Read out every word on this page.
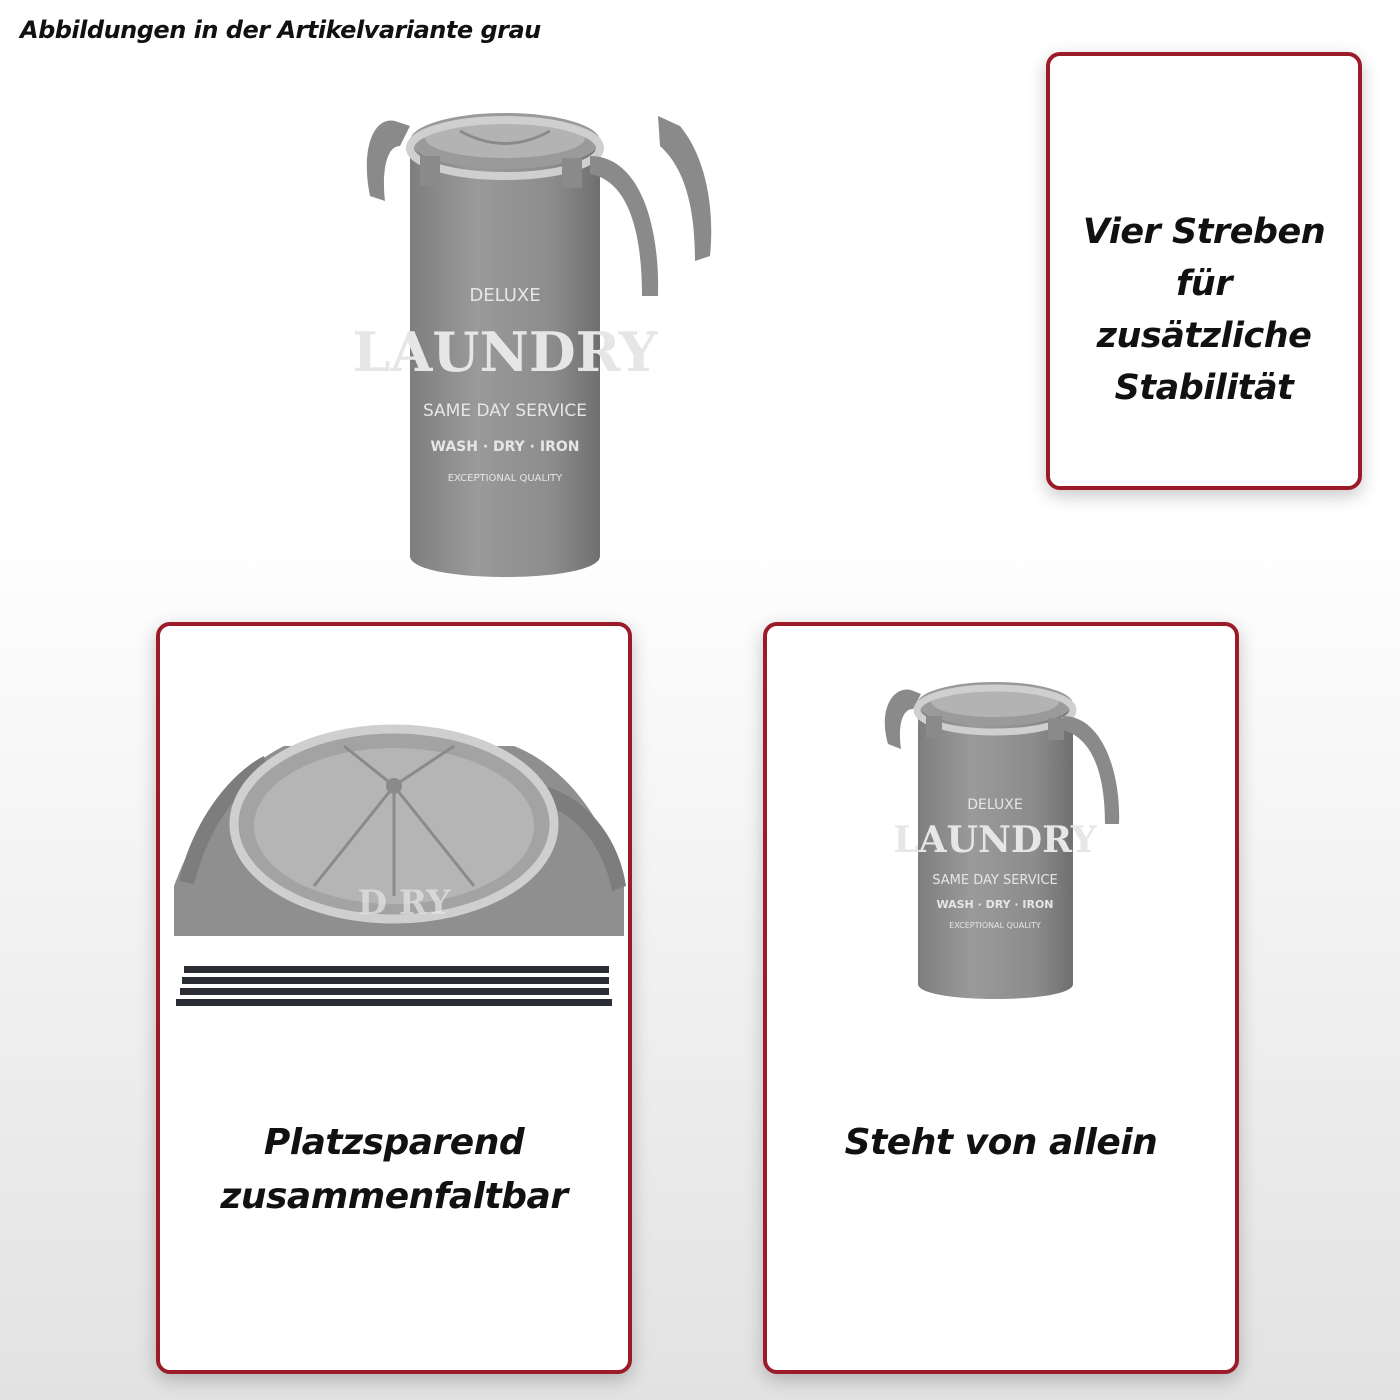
Abbildungen in der Artikelvariante grau
DELUXE
LAUNDRY
SAME DAY SERVICE
WASH · DRY · IRON
EXCEPTIONAL QUALITY
Vier Streben
für
zusätzliche
Stabilität
D RY
Platzsparend
zusammenfaltbar
DELUXE
LAUNDRY
SAME DAY SERVICE
WASH · DRY · IRON
EXCEPTIONAL QUALITY
Steht von allein
